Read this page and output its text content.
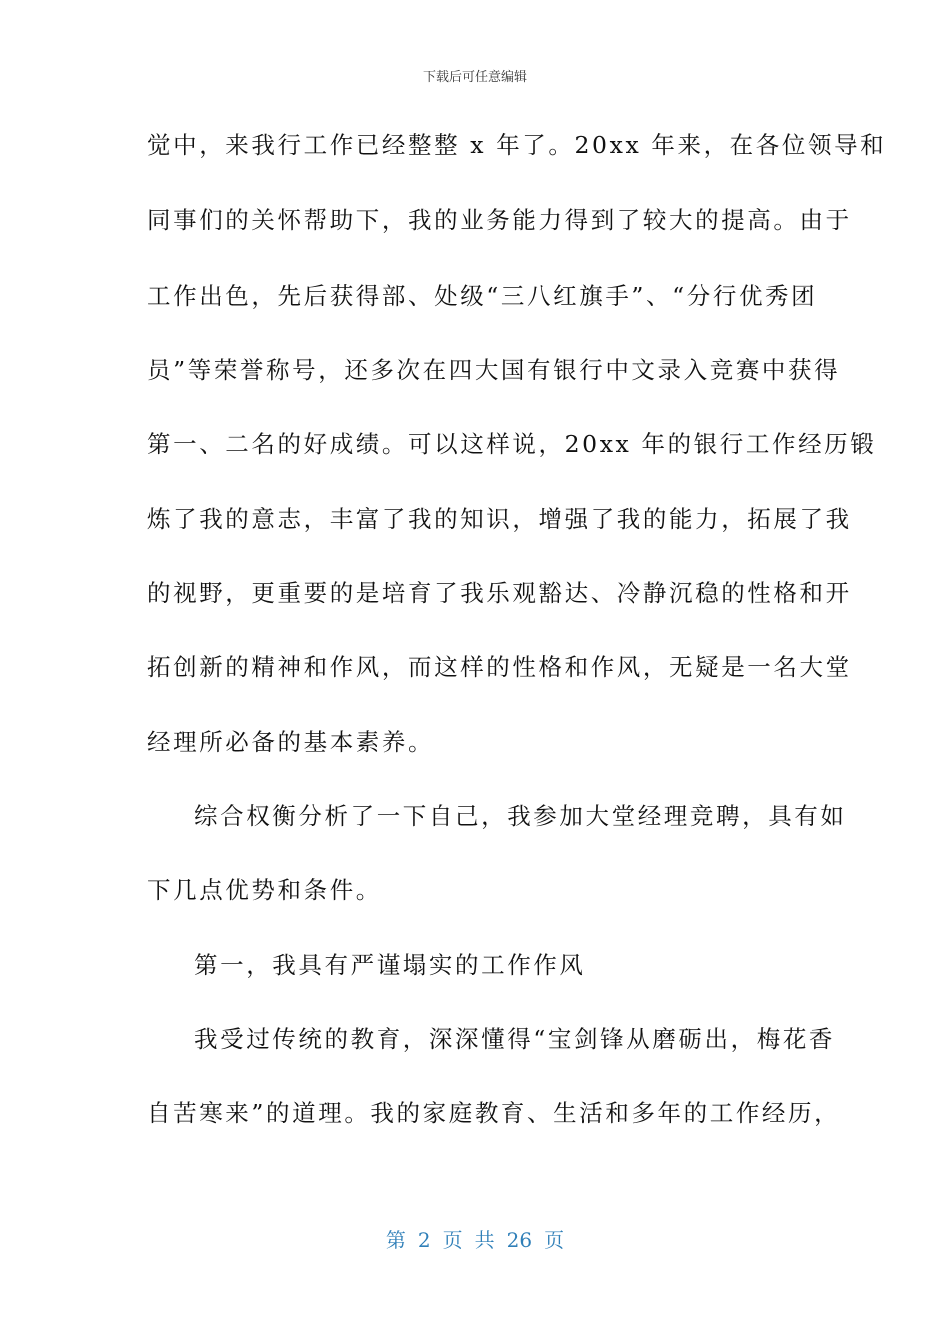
下载后可任意编辑
觉中，来我行工作已经整整 x 年了。20xx 年来，在各位领导和
同事们的关怀帮助下，我的业务能力得到了较大的提高。由于
工作出色，先后获得部、处级“三八红旗手”、“分行优秀团
员”等荣誉称号，还多次在四大国有银行中文录入竞赛中获得
第一、二名的好成绩。可以这样说，20xx 年的银行工作经历锻
炼了我的意志，丰富了我的知识，增强了我的能力，拓展了我
的视野，更重要的是培育了我乐观豁达、冷静沉稳的性格和开
拓创新的精神和作风，而这样的性格和作风，无疑是一名大堂
经理所必备的基本素养。
综合权衡分析了一下自己，我参加大堂经理竞聘，具有如
下几点优势和条件。
第一，我具有严谨塌实的工作作风
我受过传统的教育，深深懂得“宝剑锋从磨砺出，梅花香
自苦寒来”的道理。我的家庭教育、生活和多年的工作经历，
第 2 页 共 26 页
